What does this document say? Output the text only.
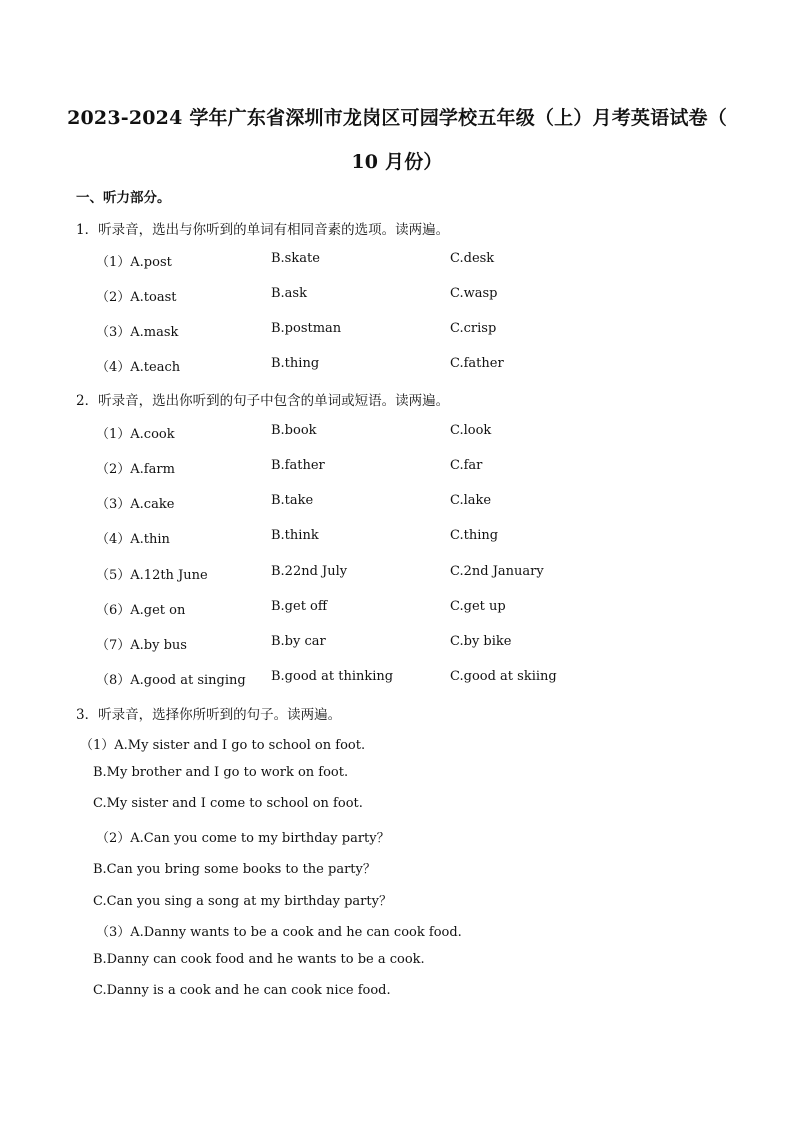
2023-2024 学年广东省深圳市龙岗区可园学校五年级（上）月考英语试卷（
10 月份）
一、听力部分。
1．听录音，选出与你听到的单词有相同音素的选项。读两遍。
（1）A.post	B.skate	C.desk
（2）A.toast	B.ask	C.wasp
（3）A.mask	B.postman	C.crisp
（4）A.teach	B.thing	C.father
2．听录音，选出你听到的句子中包含的单词或短语。读两遍。
（1）A.cook	B.book	C.look
（2）A.farm	B.father	C.far
（3）A.cake	B.take	C.lake
（4）A.thin	B.think	C.thing
（5）A.12th June	B.22nd July	C.2nd January
（6）A.get on	B.get off	C.get up
（7）A.by bus	B.by car	C.by bike
（8）A.good at singing B.good at thinking	C.good at skiing
3．听录音，选择你所听到的句子。读两遍。
（1）A.My sister and I go to school on foot.
B.My brother and I go to work on foot.
C.My sister and I come to school on foot.
（2）A.Can you come to my birthday party？
B.Can you bring some books to the party？
C.Can you sing a song at my birthday party？
（3）A.Danny wants to be a cook and he can cook food.
B.Danny can cook food and he wants to be a cook.
C.Danny is a cook and he can cook nice food.
